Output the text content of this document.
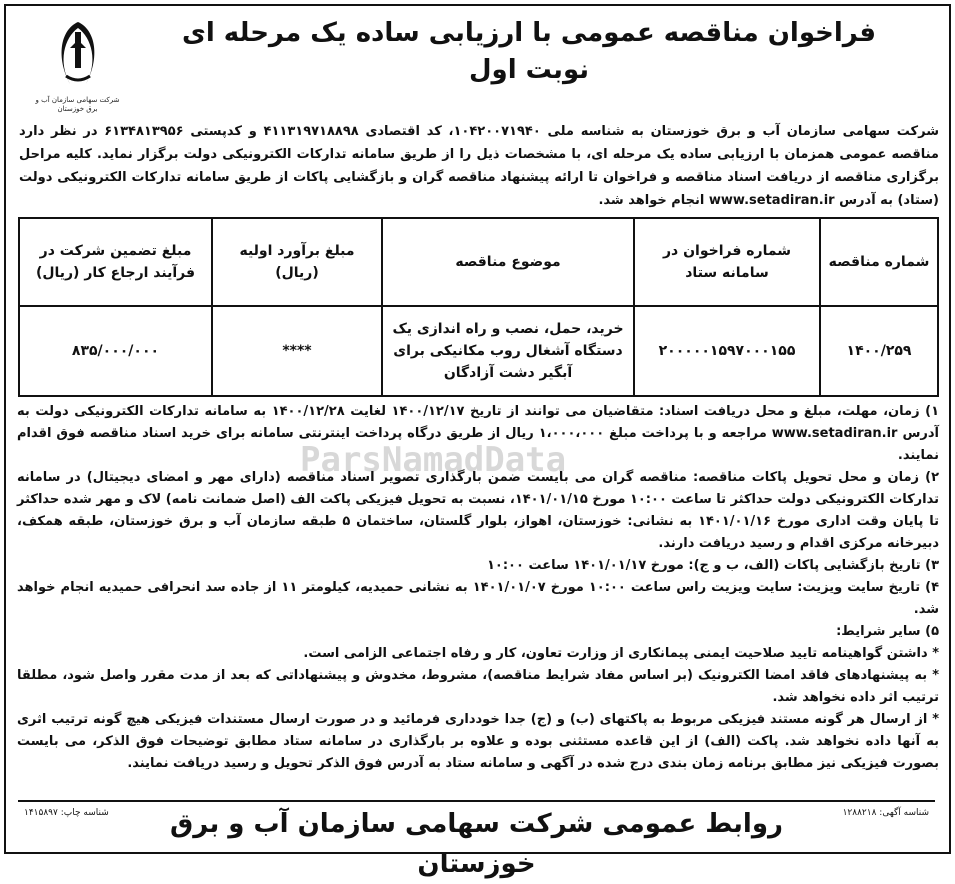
ParsNamadData
شرکت سهامی سازمان آب و برق خوزستان
فراخوان مناقصه عمومی با ارزیابی ساده یک مرحله ای
نوبت اول
شرکت سهامی سازمان آب و برق خوزستان به شناسه ملی ۱۰۴۲۰۰۷۱۹۴۰، کد اقتصادی ۴۱۱۳۱۹۷۱۸۸۹۸ و کدپستی ۶۱۳۴۸۱۳۹۵۶ در نظر دارد مناقصه عمومی همزمان با ارزیابی ساده یک مرحله ای، با مشخصات ذیل را از طریق سامانه تدارکات الکترونیکی دولت برگزار نماید. کلیه مراحل برگزاری مناقصه از دریافت اسناد مناقصه و فراخوان تا ارائه پیشنهاد مناقصه گران و بازگشایی پاکات از طریق سامانه تدارکات الکترونیکی دولت (ستاد) به آدرس www.setadiran.ir انجام خواهد شد.
شماره مناقصه	شماره فراخوان در سامانه ستاد	موضوع مناقصه	مبلغ برآورد اولیه (ریال)	مبلغ تضمین شرکت در فرآیند ارجاع کار (ریال)
۱۴۰۰/۲۵۹	۲۰۰۰۰۰۱۵۹۷۰۰۰۱۵۵	خرید، حمل، نصب و راه اندازی یک دستگاه آشغال روب مکانیکی برای آبگیر دشت آزادگان	****	۸۳۵/۰۰۰/۰۰۰

۱) زمان، مهلت، مبلغ و محل دریافت اسناد: متقاضیان می توانند از تاریخ ۱۴۰۰/۱۲/۱۷ لغایت ۱۴۰۰/۱۲/۲۸ به سامانه تدارکات الکترونیکی دولت به آدرس www.setadiran.ir مراجعه و با پرداخت مبلغ ۱،۰۰۰،۰۰۰ ریال از طریق درگاه پرداخت اینترنتی سامانه برای خرید اسناد مناقصه فوق اقدام نمایند.

۲) زمان و محل تحویل پاکات مناقصه: مناقصه گران می بایست ضمن بارگذاری تصویر اسناد مناقصه (دارای مهر و امضای دیجیتال) در سامانه تدارکات الکترونیکی دولت حداکثر تا ساعت ۱۰:۰۰ مورخ ۱۴۰۱/۰۱/۱۵، نسبت به تحویل فیزیکی پاکت الف (اصل ضمانت نامه) لاک و مهر شده حداکثر تا پایان وقت اداری مورخ ۱۴۰۱/۰۱/۱۶ به نشانی: خوزستان، اهواز، بلوار گلستان، ساختمان ۵ طبقه سازمان آب و برق خوزستان، طبقه همکف، دبیرخانه مرکزی اقدام و رسید دریافت دارند.

۳) تاریخ بازگشایی پاکات (الف، ب و ج): مورخ ۱۴۰۱/۰۱/۱۷ ساعت ۱۰:۰۰

۴) تاریخ سایت ویزیت: سایت ویزیت راس ساعت ۱۰:۰۰ مورخ ۱۴۰۱/۰۱/۰۷ به نشانی حمیدیه، کیلومتر ۱۱ از جاده سد انحرافی حمیدیه انجام خواهد شد.

۵) سایر شرایط:

* داشتن گواهینامه تایید صلاحیت ایمنی پیمانکاری از وزارت تعاون، کار و رفاه اجتماعی الزامی است.

* به پیشنهادهای فاقد امضا الکترونیک (بر اساس مفاد شرایط مناقصه)، مشروط، مخدوش و پیشنهاداتی که بعد از مدت مقرر واصل شود، مطلقا ترتیب اثر داده نخواهد شد.

* از ارسال هر گونه مستند فیزیکی مربوط به پاکتهای (ب) و (ج) جدا خودداری فرمائید و در صورت ارسال مستندات فیزیکی هیچ گونه ترتیب اثری به آنها داده نخواهد شد. پاکت (الف) از این قاعده مستثنی بوده و علاوه بر بارگذاری در سامانه ستاد مطابق توضیحات فوق الذکر، می بایست بصورت فیزیکی نیز مطابق برنامه زمان بندی درج شده در آگهی و سامانه ستاد به آدرس فوق الذکر تحویل و رسید دریافت نمایند.

شناسه آگهی: ۱۲۸۸۲۱۸
روابط عمومی شرکت سهامی سازمان آب و برق خوزستان
شناسه چاپ: ۱۴۱۵۸۹۷
